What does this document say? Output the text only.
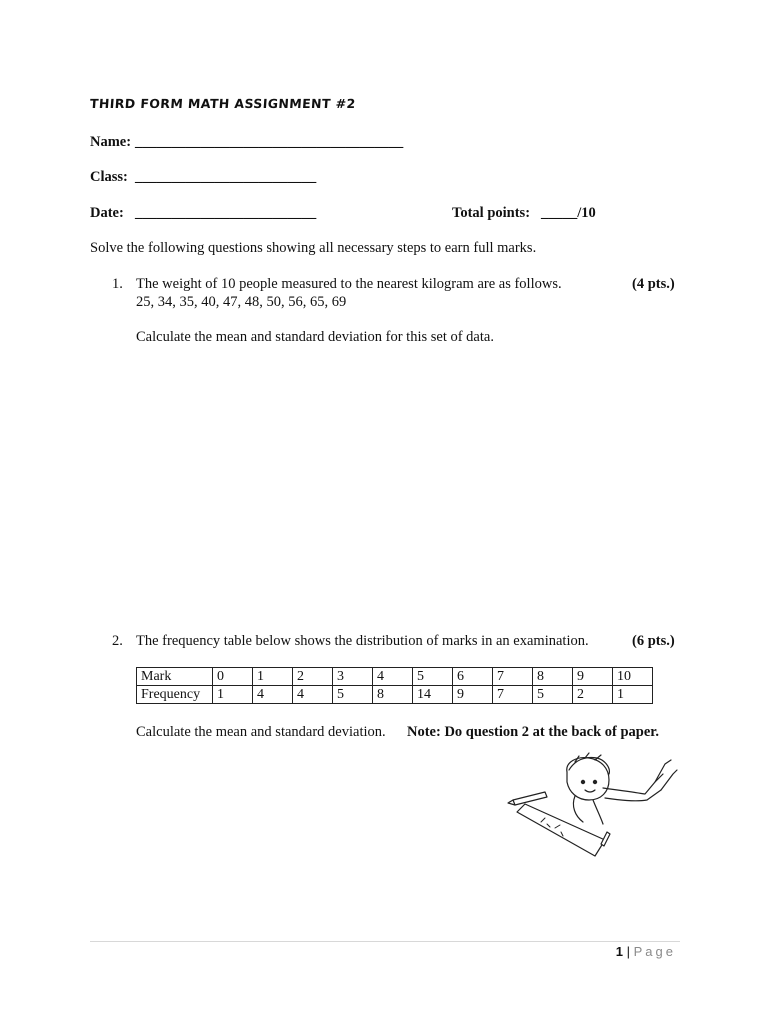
THIRD FORM MATH ASSIGNMENT #2
Name: _____________________________________
Class: _________________________
Date: _________________________	Total points: _____/10
Solve the following questions showing all necessary steps to earn full marks.
1. The weight of 10 people measured to the nearest kilogram are as follows.	(4 pts.)
25, 34, 35, 40, 47, 48, 50, 56, 65, 69
Calculate the mean and standard deviation for this set of data.
2. The frequency table below shows the distribution of marks in an examination.	(6 pts.)
Mark	0	1	2	3	4	5	6	7	8	9	10
Frequency	1	4	4	5	8	14	9	7	5	2	1
Calculate the mean and standard deviation. Note: Do question 2 at the back of paper.
1 | Page
